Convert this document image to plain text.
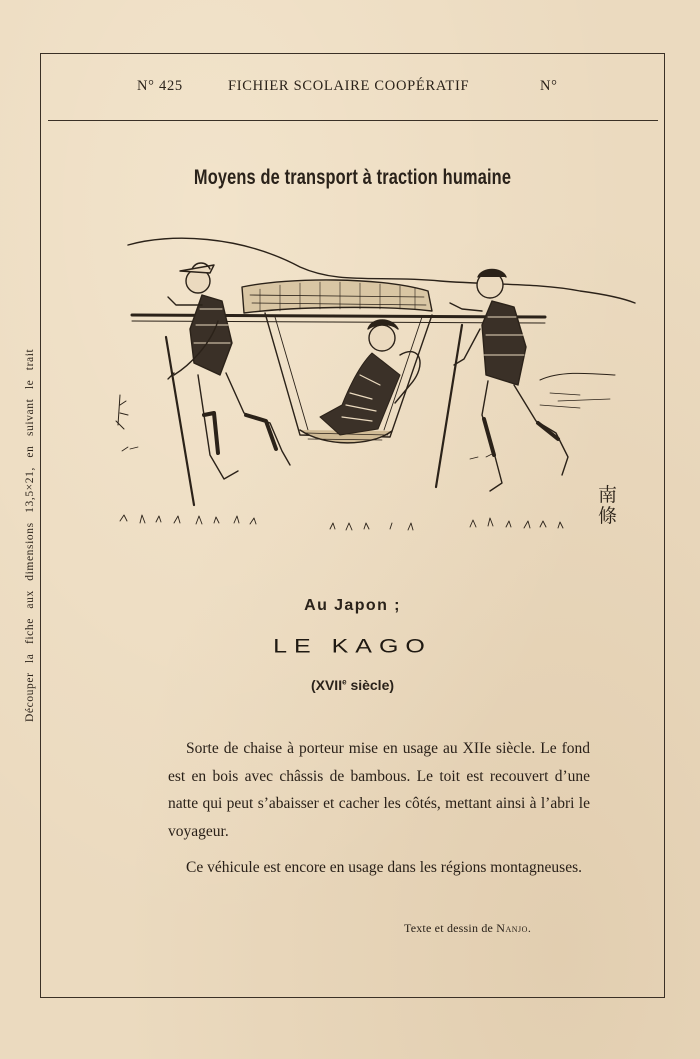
Découper la fiche aux dimensions 13,5×21, en suivant le trait
N° 425	FICHIER SCOLAIRE COOPÉRATIF	N°
Moyens de transport à traction humaine
南條
Au Japon ;
LE KAGO
(XVIIe siècle)

Sorte de chaise à porteur mise en usage au XIIe siècle. Le fond est en bois avec châssis de bambous. Le toit est recouvert d’une natte qui peut s’abaisser et cacher les côtés, mettant ainsi à l’abri le voyageur.

Ce véhicule est encore en usage dans les régions montagneuses.

Texte et dessin de Nanjo.
